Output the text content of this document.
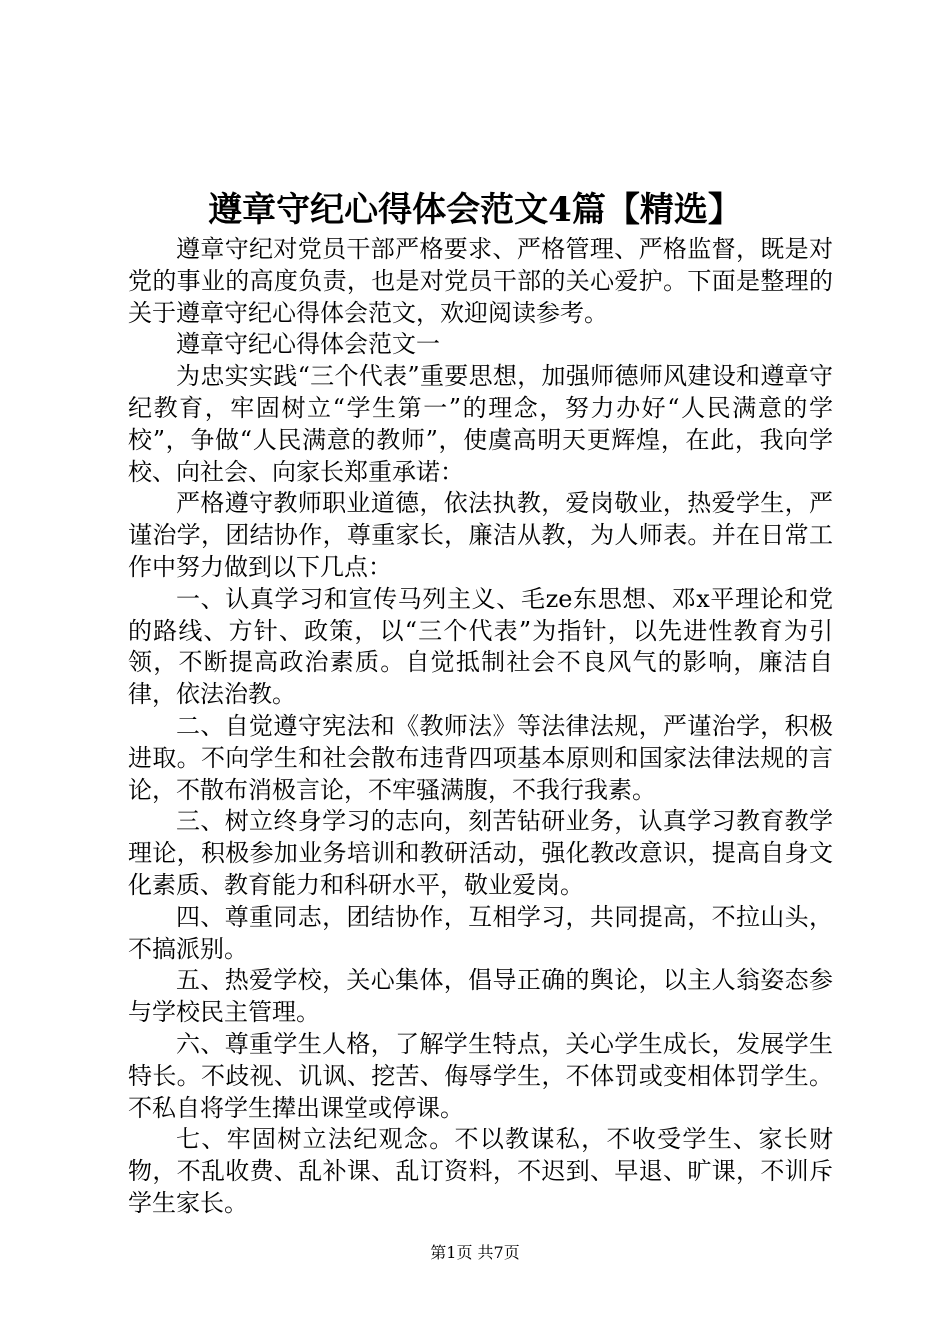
遵章守纪心得体会范文4篇【精选】

遵章守纪对党员干部严格要求、严格管理、严格监督，既是对党的事业的高度负责，也是对党员干部的关心爱护。下面是整理的关于遵章守纪心得体会范文，欢迎阅读参考。

遵章守纪心得体会范文一

为忠实实践“三个代表”重要思想，加强师德师风建设和遵章守纪教育，牢固树立“学生第一”的理念，努力办好“人民满意的学校”，争做“人民满意的教师”，使虞高明天更辉煌，在此，我向学校、向社会、向家长郑重承诺：

严格遵守教师职业道德，依法执教，爱岗敬业，热爱学生，严谨治学，团结协作，尊重家长，廉洁从教，为人师表。并在日常工作中努力做到以下几点：

一、认真学习和宣传马列主义、毛ze东思想、邓x平理论和党的路线、方针、政策，以“三个代表”为指针，以先进性教育为引领，不断提高政治素质。自觉抵制社会不良风气的影响，廉洁自律，依法治教。

二、自觉遵守宪法和《教师法》等法律法规，严谨治学，积极进取。不向学生和社会散布违背四项基本原则和国家法律法规的言论，不散布消极言论，不牢骚满腹，不我行我素。

三、树立终身学习的志向，刻苦钻研业务，认真学习教育教学理论，积极参加业务培训和教研活动，强化教改意识，提高自身文化素质、教育能力和科研水平，敬业爱岗。

四、尊重同志，团结协作，互相学习，共同提高，不拉山头，不搞派别。

五、热爱学校，关心集体，倡导正确的舆论，以主人翁姿态参与学校民主管理。

六、尊重学生人格，了解学生特点，关心学生成长，发展学生特长。不歧视、讥讽、挖苦、侮辱学生，不体罚或变相体罚学生。不私自将学生撵出课堂或停课。

七、牢固树立法纪观念。不以教谋私，不收受学生、家长财物，不乱收费、乱补课、乱订资料，不迟到、早退、旷课，不训斥学生家长。

第1页 共7页
